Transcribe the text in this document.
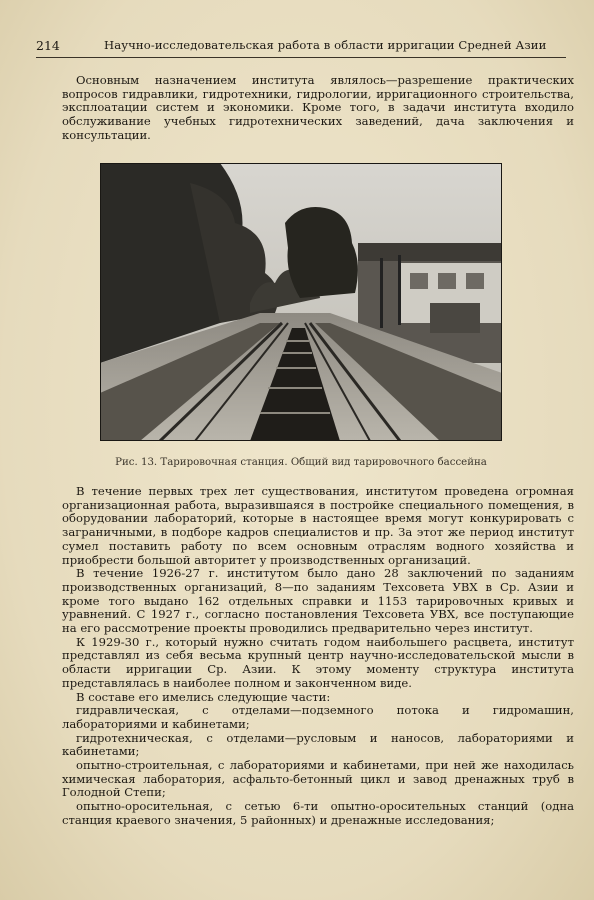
214	Научно-исследовательская работа в области ирригации Средней Азии

Основным назначением института являлось—разрешение практических вопросов гидравлики, гидротехники, гидрологии, ирригационного строительства, эксплоатации систем и экономики. Кроме того, в задачи института входило обслуживание учебных гидротехнических заведений, дача заключения и консультации.

Рис. 13. Тарировочная станция. Общий вид тарировочного бассейна

В течение первых трех лет существования, институтом проведена огромная организационная работа, выразившаяся в постройке специального помещения, в оборудовании лабораторий, которые в настоящее время могут конкурировать с заграничными, в подборе кадров специалистов и пр. За этот же период институт сумел поставить работу по всем основным отраслям водного хозяйства и приобрести большой авторитет у производственных организаций.

В течение 1926-27 г. институтом было дано 28 заключений по заданиям производственных организаций, 8—по заданиям Техсовета УВХ в Ср. Азии и кроме того выдано 162 отдельных справки и 1153 тарировочных кривых и уравнений. С 1927 г., согласно постановления Техсовета УВХ, все поступающие на его рассмотрение проекты проводились предварительно через институт.

К 1929-30 г., который нужно считать годом наибольшего расцвета, институт представлял из себя весьма крупный центр научно-исследовательской мысли в области ирригации Ср. Азии. К этому моменту структура института представлялась в наиболее полном и законченном виде.

В составе его имелись следующие части:

гидравлическая, с отделами—подземного потока и гидромашин, лабораториями и кабинетами;

гидротехническая, с отделами—русловым и наносов, лабораториями и кабинетами;

опытно-строительная, с лабораториями и кабинетами, при ней же находилась химическая лаборатория, асфальто-бетонный цикл и завод дренажных труб в Голодной Степи;

опытно-оросительная, с сетью 6-ти опытно-оросительных станций (одна станция краевого значения, 5 районных) и дренажные исследования;
